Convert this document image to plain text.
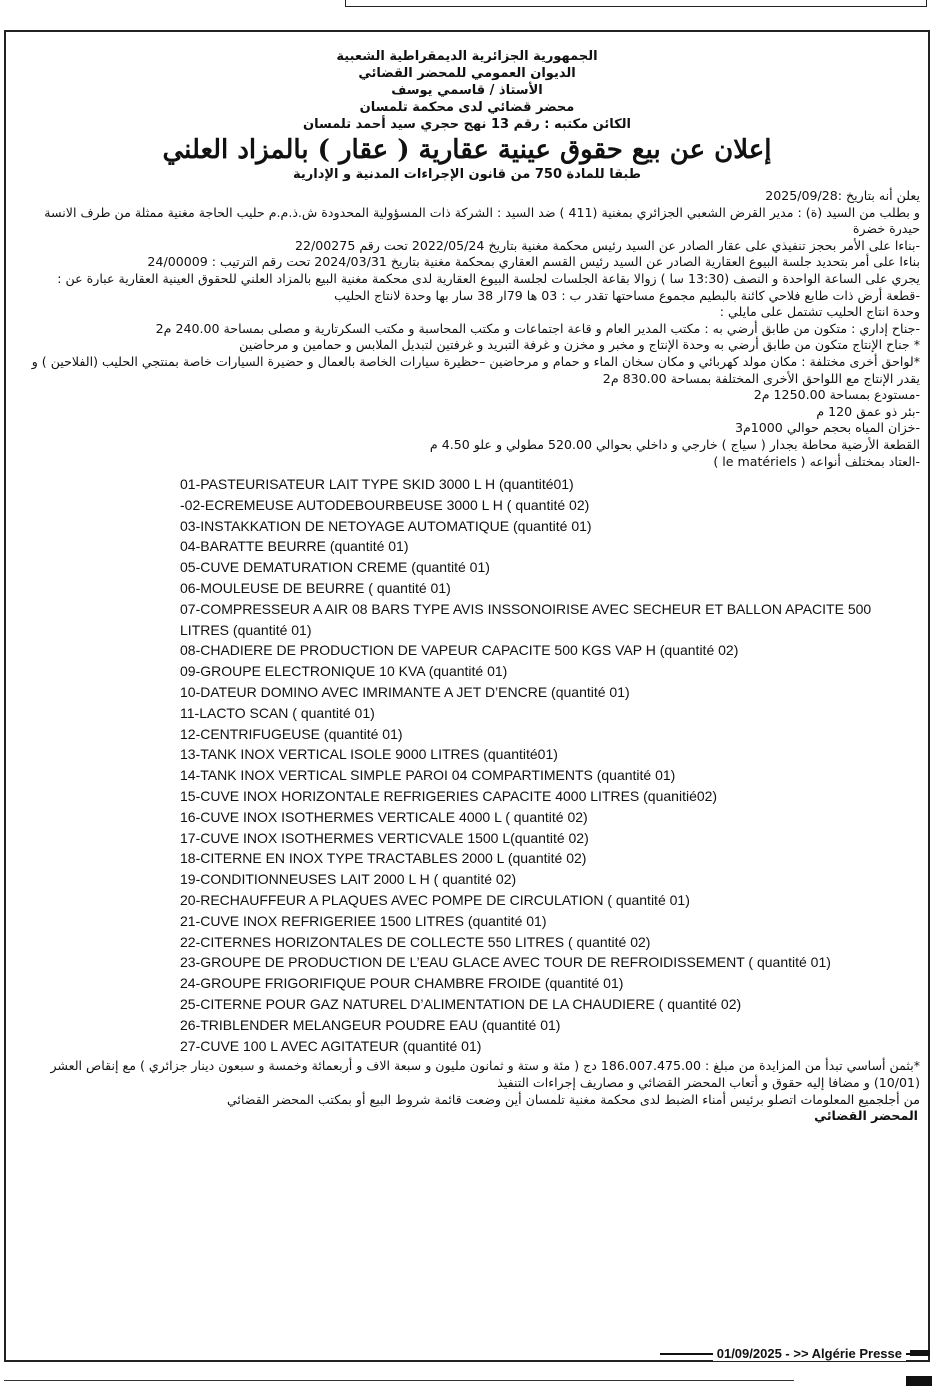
الجمهورية الجزائرية الديمقراطية الشعبية
الديوان العمومي للمحضر القضائي
الأستاذ / قاسمي يوسف
محضر قضائي لدى محكمة تلمسان
الكائن مكتبه : رقم 13 نهج حجري سيد أحمد تلمسان
إعلان عن بيع حقوق عينية عقارية ( عقار ) بالمزاد العلني
طبقا للمادة 750 من قانون الإجراءات المدنية و الإدارية

يعلن أنه بتاريخ :2025/09/28

و بطلب من السيد (ة) : مدير القرض الشعبي الجزائري بمغنية (411 ) ضد السيد : الشركة ذات المسؤولية المحدودة ش.ذ.م.م حليب الحاجة مغنية ممثلة من طرف الانسة حيدرة خضرة

-بناءا على الأمر بحجز تنفيذي على عقار الصادر عن السيد رئيس محكمة مغنية بتاريخ 2022/05/24 تحت رقم 22/00275

بناءا على أمر بتحديد جلسة البيوع العقارية الصادر عن السيد رئيس القسم العقاري بمحكمة مغنية بتاريخ 2024/03/31 تحت رقم الترتيب : 24/00009

يجري على الساعة الواحدة و النصف (13:30 سا ) زوالا بقاعة الجلسات لجلسة البيوع العقارية لدى محكمة مغنية البيع بالمزاد العلني للحقوق العينية العقارية عبارة عن :

-قطعة أرض ذات طابع فلاحي كائنة بالبطيم مجموع مساحتها تقدر ب : 03 ها 79ار 38 سار بها وحدة لانتاج الحليب

وحدة انتاج الحليب تشتمل على مايلي :

-جناح إداري : متكون من طابق أرضي به : مكتب المدير العام و قاعة اجتماعات و مكتب المحاسبة و مكتب السكرتارية و مصلى بمساحة 240.00 م2

* جناح الإنتاج متكون من طابق أرضي به وحدة الإنتاج و مخبر و مخزن و غرفة التبريد و غرفتين لتبديل الملابس و حمامين و مرحاضين

*لواحق أخرى مختلفة : مكان مولد كهربائي و مكان سخان الماء و حمام و مرحاضين –حظيرة سيارات الخاصة بالعمال و حضيرة السيارات خاصة بمنتجي الحليب (الفلاحين ) و يقدر الإنتاج مع اللواحق الأخرى المختلفة بمساحة 830.00 م2

-مستودع بمساحة 1250.00 م2

-بئر ذو عمق 120 م

-خزان المياه بحجم حوالي 1000م3

القطعة الأرضية محاطة بجدار ( سياج ) خارجي و داخلي بحوالي 520.00 مطولي و علو 4.50 م

-العتاد بمختلف أنواعه ( le matériels )

01-PASTEURISATEUR LAIT TYPE SKID 3000 L H (quantité01)

-02-ECREMEUSE AUTODEBOURBEUSE 3000 L H ( quantité 02)

03-INSTAKKATION DE NETOYAGE AUTOMATIQUE (quantité 01)

04-BARATTE BEURRE (quantité 01)

05-CUVE DEMATURATION CREME (quantité 01)

06-MOULEUSE DE BEURRE ( quantité 01)

07-COMPRESSEUR A AIR 08 BARS TYPE AVIS INSSONOIRISE AVEC SECHEUR ET BALLON APACITE 500 LITRES (quantité 01)

08-CHADIERE DE PRODUCTION DE VAPEUR CAPACITE 500 KGS VAP H (quantité 02)

09-GROUPE ELECTRONIQUE 10 KVA (quantité 01)

10-DATEUR DOMINO AVEC IMRIMANTE A JET D’ENCRE (quantité 01)

11-LACTO SCAN ( quantité 01)

12-CENTRIFUGEUSE (quantité 01)

13-TANK INOX VERTICAL ISOLE 9000 LITRES (quantité01)

14-TANK INOX VERTICAL SIMPLE PAROI 04 COMPARTIMENTS (quantité 01)

15-CUVE INOX HORIZONTALE REFRIGERIES CAPACITE 4000 LITRES (quanitié02)

16-CUVE INOX ISOTHERMES VERTICALE 4000 L ( quantité 02)

17-CUVE INOX ISOTHERMES VERTICVALE 1500 L(quantité 02)

18-CITERNE EN INOX TYPE TRACTABLES 2000 L (quantité 02)

19-CONDITIONNEUSES LAIT 2000 L H ( quantité 02)

20-RECHAUFFEUR A PLAQUES AVEC POMPE DE CIRCULATION ( quantité 01)

21-CUVE INOX REFRIGERIEE 1500 LITRES (quantité 01)

22-CITERNES HORIZONTALES DE COLLECTE 550 LITRES ( quantité 02)

23-GROUPE DE PRODUCTION DE L’EAU GLACE AVEC TOUR DE REFROIDISSEMENT ( quantité 01)

24-GROUPE FRIGORIFIQUE POUR CHAMBRE FROIDE (quantité 01)

25-CITERNE POUR GAZ NATUREL D’ALIMENTATION DE LA CHAUDIERE ( quantité 02)

26-TRIBLENDER MELANGEUR POUDRE EAU (quantité 01)

27-CUVE 100 L AVEC AGITATEUR (quantité 01)

*بثمن أساسي تبدأ من المزايدة من مبلغ : 186.007.475.00 دج ( مئة و ستة و ثمانون مليون و سبعة الاف و أربعمائة وخمسة و سبعون دينار جزائري ) مع إنقاص العشر (10/01) و مضافا إليه حقوق و أتعاب المحضر القضائي و مصاريف إجراءات التنفيذ

من أجلجميع المعلومات اتصلو برئيس أمناء الضبط لدى محكمة مغنية تلمسان أين وضعت قائمة شروط البيع أو بمكتب المحضر القضائي

المحضر القضائي
01/09/2025 - >> Algérie Presse
